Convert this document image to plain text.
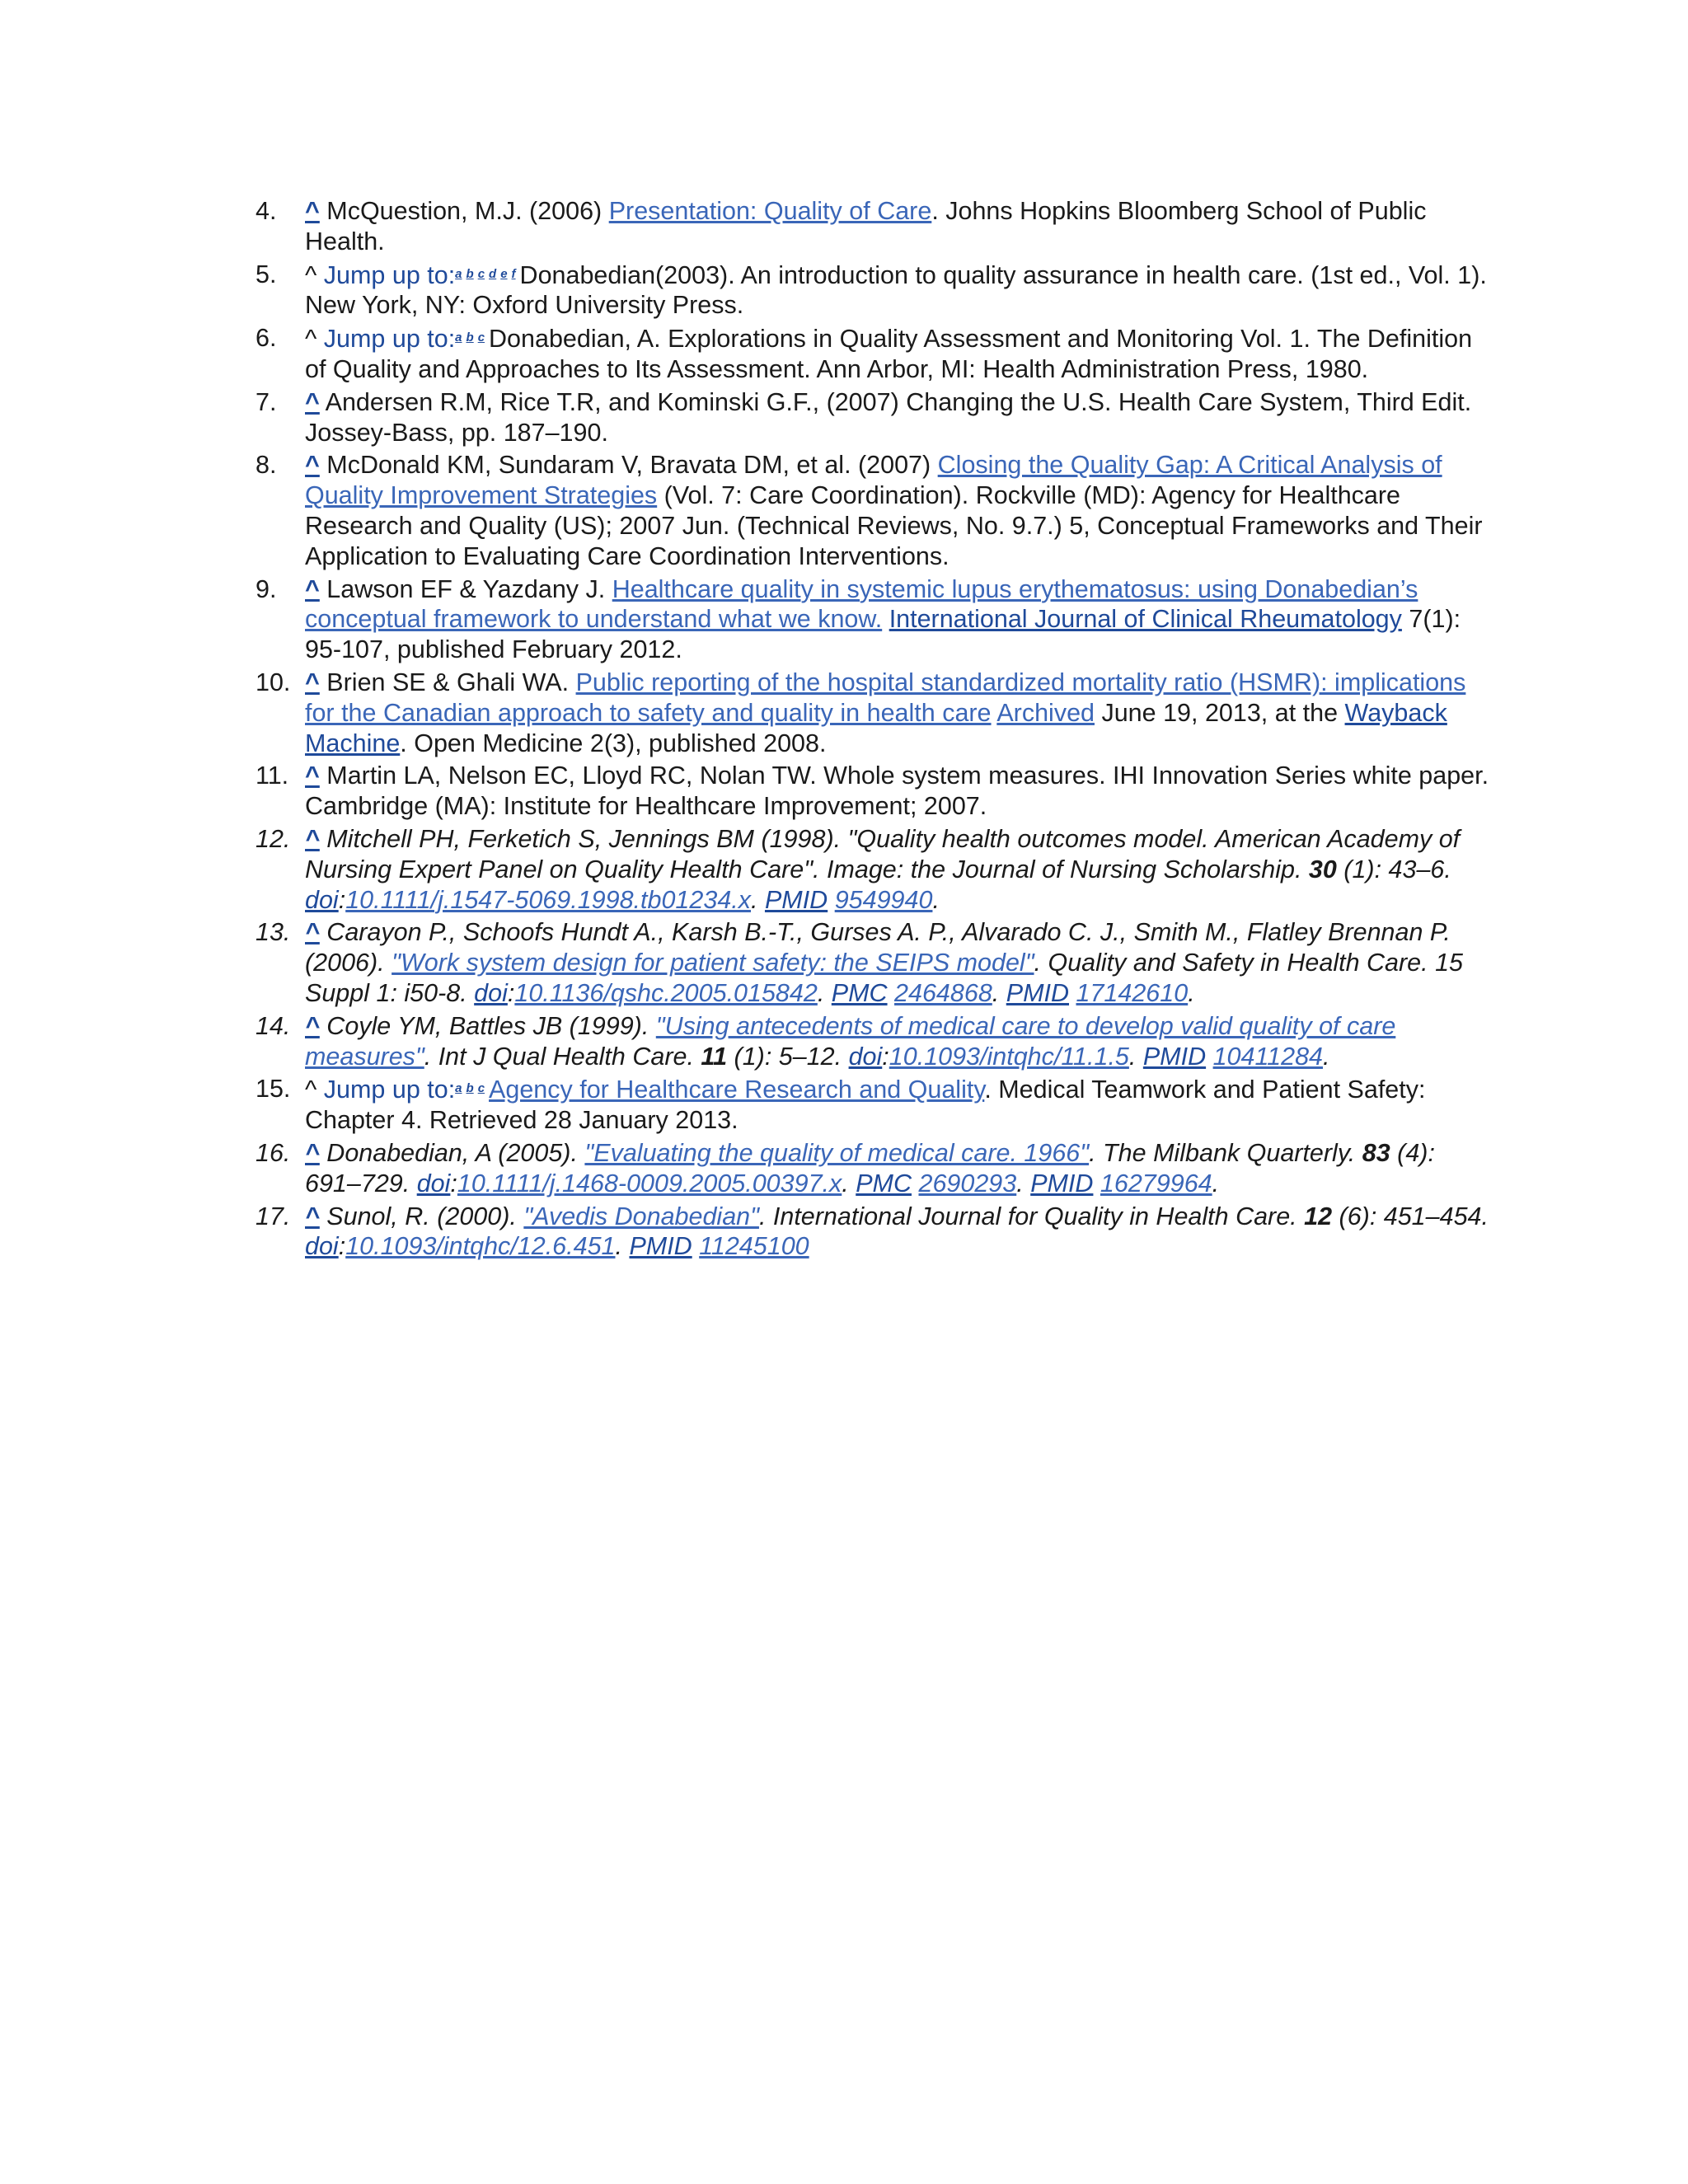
4.	^ McQuestion, M.J. (2006) Presentation: Quality of Care. Johns Hopkins Bloomberg School of Public Health.
5.	^ Jump up to:$^a$ $^b$ $^c$ $^d$ $^e$ $^f$ Donabedian(2003). An introduction to quality assurance in health care. (1st ed., Vol. 1). New York, NY: Oxford University Press.
6.	^ Jump up to:$^a$ $^b$ $^c$ Donabedian, A. Explorations in Quality Assessment and Monitoring Vol. 1. The Definition of Quality and Approaches to Its Assessment. Ann Arbor, MI: Health Administration Press, 1980.
7.	^ Andersen R.M, Rice T.R, and Kominski G.F., (2007) Changing the U.S. Health Care System, Third Edit. Jossey-Bass, pp. 187–190.
8.	^ McDonald KM, Sundaram V, Bravata DM, et al. (2007) Closing the Quality Gap: A Critical Analysis of Quality Improvement Strategies (Vol. 7: Care Coordination). Rockville (MD): Agency for Healthcare Research and Quality (US); 2007 Jun. (Technical Reviews, No. 9.7.) 5, Conceptual Frameworks and Their Application to Evaluating Care Coordination Interventions.
9.	^ Lawson EF & Yazdany J. Healthcare quality in systemic lupus erythematosus: using Donabedian’s conceptual framework to understand what we know. International Journal of Clinical Rheumatology 7(1): 95-107, published February 2012.
10. ^ Brien SE & Ghali WA. Public reporting of the hospital standardized mortality ratio (HSMR): implications for the Canadian approach to safety and quality in health care Archived June 19, 2013, at the Wayback Machine. Open Medicine 2(3), published 2008.
11. ^ Martin LA, Nelson EC, Lloyd RC, Nolan TW. Whole system measures. IHI Innovation Series white paper. Cambridge (MA): Institute for Healthcare Improvement; 2007.
12. ^ Mitchell PH, Ferketich S, Jennings BM (1998). "Quality health outcomes model. American Academy of Nursing Expert Panel on Quality Health Care". Image: the Journal of Nursing Scholarship. 30 (1): 43–6. doi:10.1111/j.1547-5069.1998.tb01234.x. PMID 9549940.
13. ^ Carayon P., Schoofs Hundt A., Karsh B.-T., Gurses A. P., Alvarado C. J., Smith M., Flatley Brennan P. (2006). "Work system design for patient safety: the SEIPS model". Quality and Safety in Health Care. 15 Suppl 1: i50-8. doi:10.1136/qshc.2005.015842. PMC 2464868. PMID 17142610.
14. ^ Coyle YM, Battles JB (1999). "Using antecedents of medical care to develop valid quality of care measures". Int J Qual Health Care. 11 (1): 5–12. doi:10.1093/intqhc/11.1.5. PMID 10411284.
15. ^ Jump up to:$^a$ $^b$ $^c$ Agency for Healthcare Research and Quality. Medical Teamwork and Patient Safety: Chapter 4. Retrieved 28 January 2013.
16. ^ Donabedian, A (2005). "Evaluating the quality of medical care. 1966". The Milbank Quarterly. 83 (4): 691–729. doi:10.1111/j.1468-0009.2005.00397.x. PMC 2690293. PMID 16279964.
17. ^ Sunol, R. (2000). "Avedis Donabedian". International Journal for Quality in Health Care. 12 (6): 451–454. doi:10.1093/intqhc/12.6.451. PMID 11245100
